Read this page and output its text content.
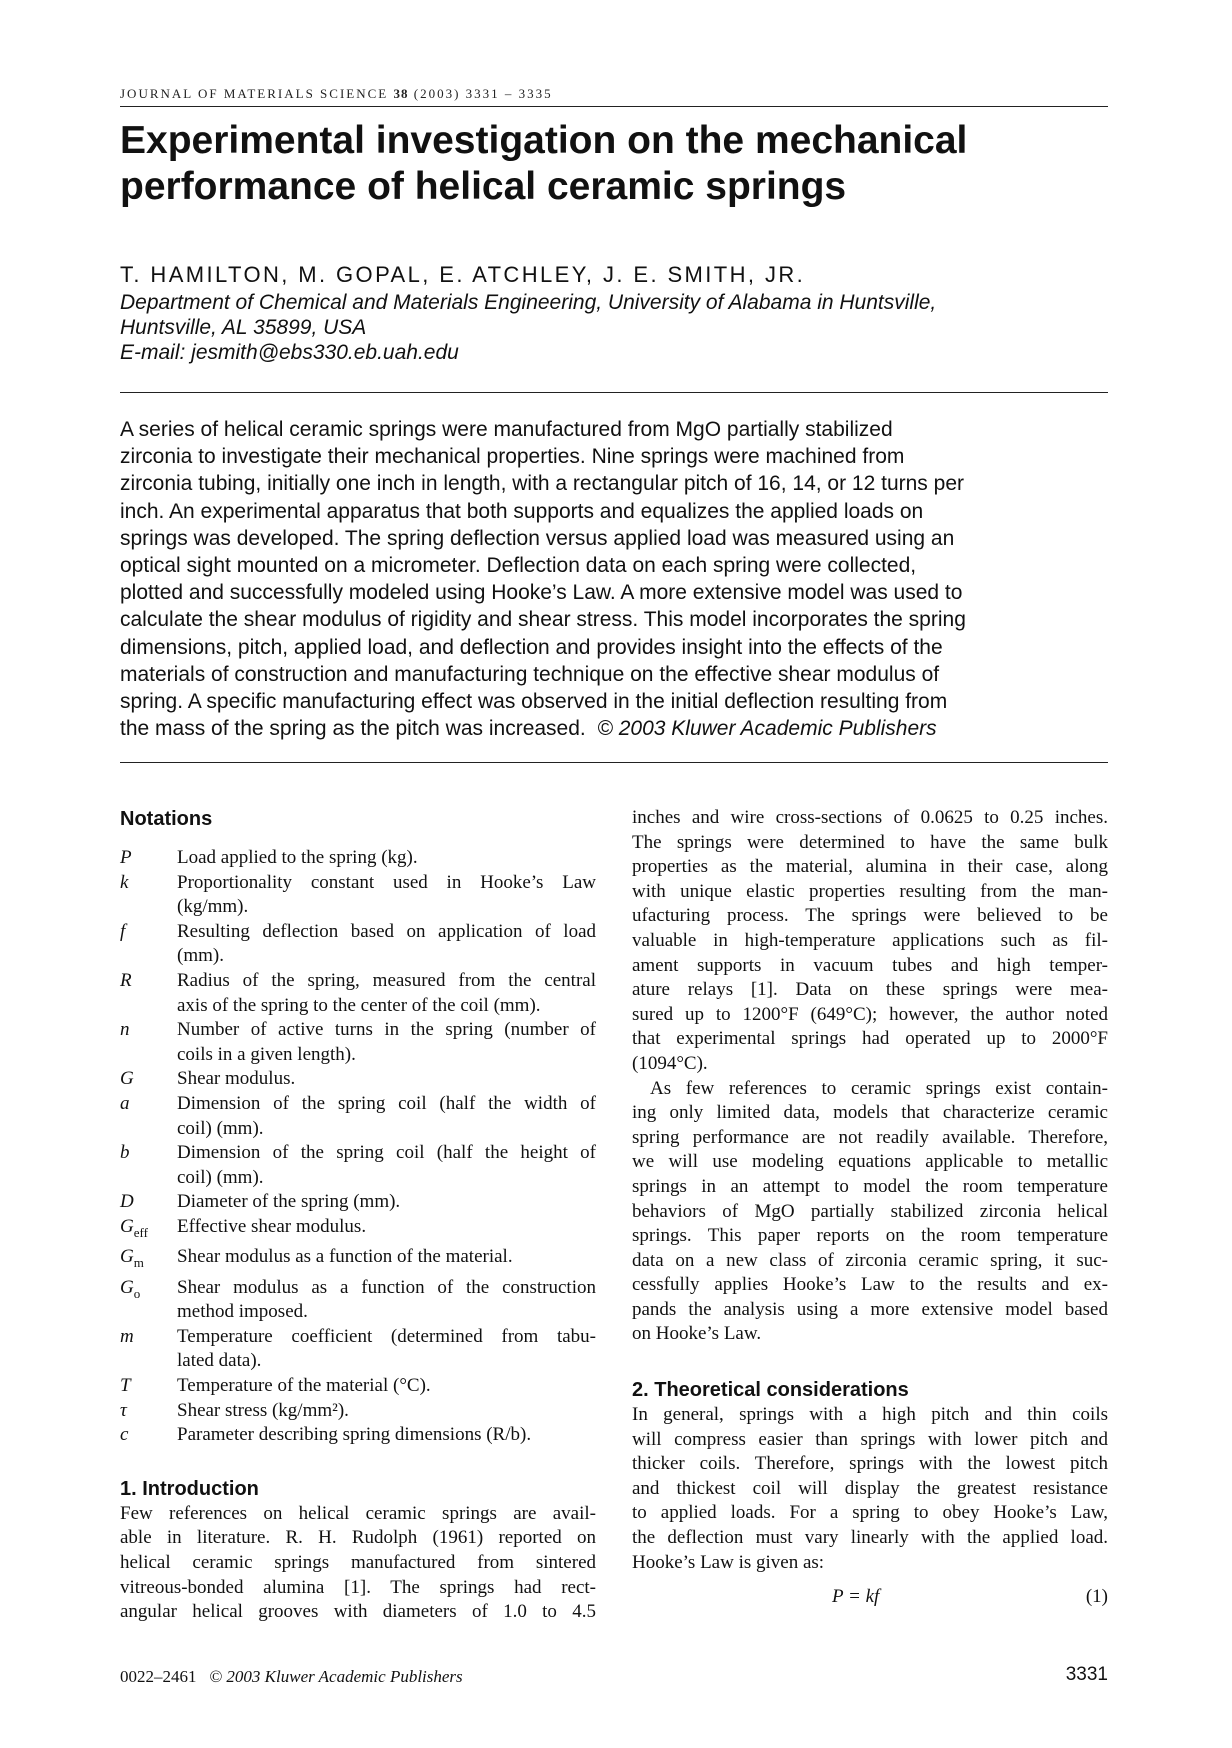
JOURNAL OF MATERIALS SCIENCE 38 (2003) 3331 – 3335
Experimental investigation on the mechanical
performance of helical ceramic springs
T. HAMILTON, M. GOPAL, E. ATCHLEY, J. E. SMITH, JR.
Department of Chemical and Materials Engineering, University of Alabama in Huntsville,
Huntsville, AL 35899, USA
E-mail: jesmith@ebs330.eb.uah.edu
A series of helical ceramic springs were manufactured from MgO partially stabilized
zirconia to investigate their mechanical properties. Nine springs were machined from
zirconia tubing, initially one inch in length, with a rectangular pitch of 16, 14, or 12 turns per
inch. An experimental apparatus that both supports and equalizes the applied loads on
springs was developed. The spring deflection versus applied load was measured using an
optical sight mounted on a micrometer. Deflection data on each spring were collected,
plotted and successfully modeled using Hooke’s Law. A more extensive model was used to
calculate the shear modulus of rigidity and shear stress. This model incorporates the spring
dimensions, pitch, applied load, and deflection and provides insight into the effects of the
materials of construction and manufacturing technique on the effective shear modulus of
spring. A specific manufacturing effect was observed in the initial deflection resulting from
the mass of the spring as the pitch was increased. © 2003 Kluwer Academic Publishers
Notations
P	Load applied to the spring (kg).
k	Proportionality constant used in Hooke’s Law
(kg/mm).
f	Resulting deflection based on application of load
(mm).
R	Radius of the spring, measured from the central
axis of the spring to the center of the coil (mm).
n	Number of active turns in the spring (number of
coils in a given length).
G	Shear modulus.
a	Dimension of the spring coil (half the width of
coil) (mm).
b	Dimension of the spring coil (half the height of
coil) (mm).
D	Diameter of the spring (mm).
$G_{eff}$	Effective shear modulus.
$G_m$	Shear modulus as a function of the material.
$G_o$	Shear modulus as a function of the construction
method imposed.
m	Temperature coefficient (determined from tabu-
lated data).
T	Temperature of the material (°C).
τ	Shear stress (kg/mm²).
c	Parameter describing spring dimensions (R/b).
1. Introduction
Few references on helical ceramic springs are avail-
able in literature. R. H. Rudolph (1961) reported on
helical ceramic springs manufactured from sintered
vitreous-bonded alumina [1]. The springs had rect-
angular helical grooves with diameters of 1.0 to 4.5
inches and wire cross-sections of 0.0625 to 0.25 inches.
The springs were determined to have the same bulk
properties as the material, alumina in their case, along
with unique elastic properties resulting from the man-
ufacturing process. The springs were believed to be
valuable in high-temperature applications such as fil-
ament supports in vacuum tubes and high temper-
ature relays [1]. Data on these springs were mea-
sured up to 1200°F (649°C); however, the author noted
that experimental springs had operated up to 2000°F
(1094°C).
As few references to ceramic springs exist contain-
ing only limited data, models that characterize ceramic
spring performance are not readily available. Therefore,
we will use modeling equations applicable to metallic
springs in an attempt to model the room temperature
behaviors of MgO partially stabilized zirconia helical
springs. This paper reports on the room temperature
data on a new class of zirconia ceramic spring, it suc-
cessfully applies Hooke’s Law to the results and ex-
pands the analysis using a more extensive model based
on Hooke’s Law.
2. Theoretical considerations
In general, springs with a high pitch and thin coils
will compress easier than springs with lower pitch and
thicker coils. Therefore, springs with the lowest pitch
and thickest coil will display the greatest resistance
to applied loads. For a spring to obey Hooke’s Law,
the deflection must vary linearly with the applied load.
Hooke’s Law is given as:
P = kf	(1)
0022–2461 © 2003 Kluwer Academic Publishers	3331
